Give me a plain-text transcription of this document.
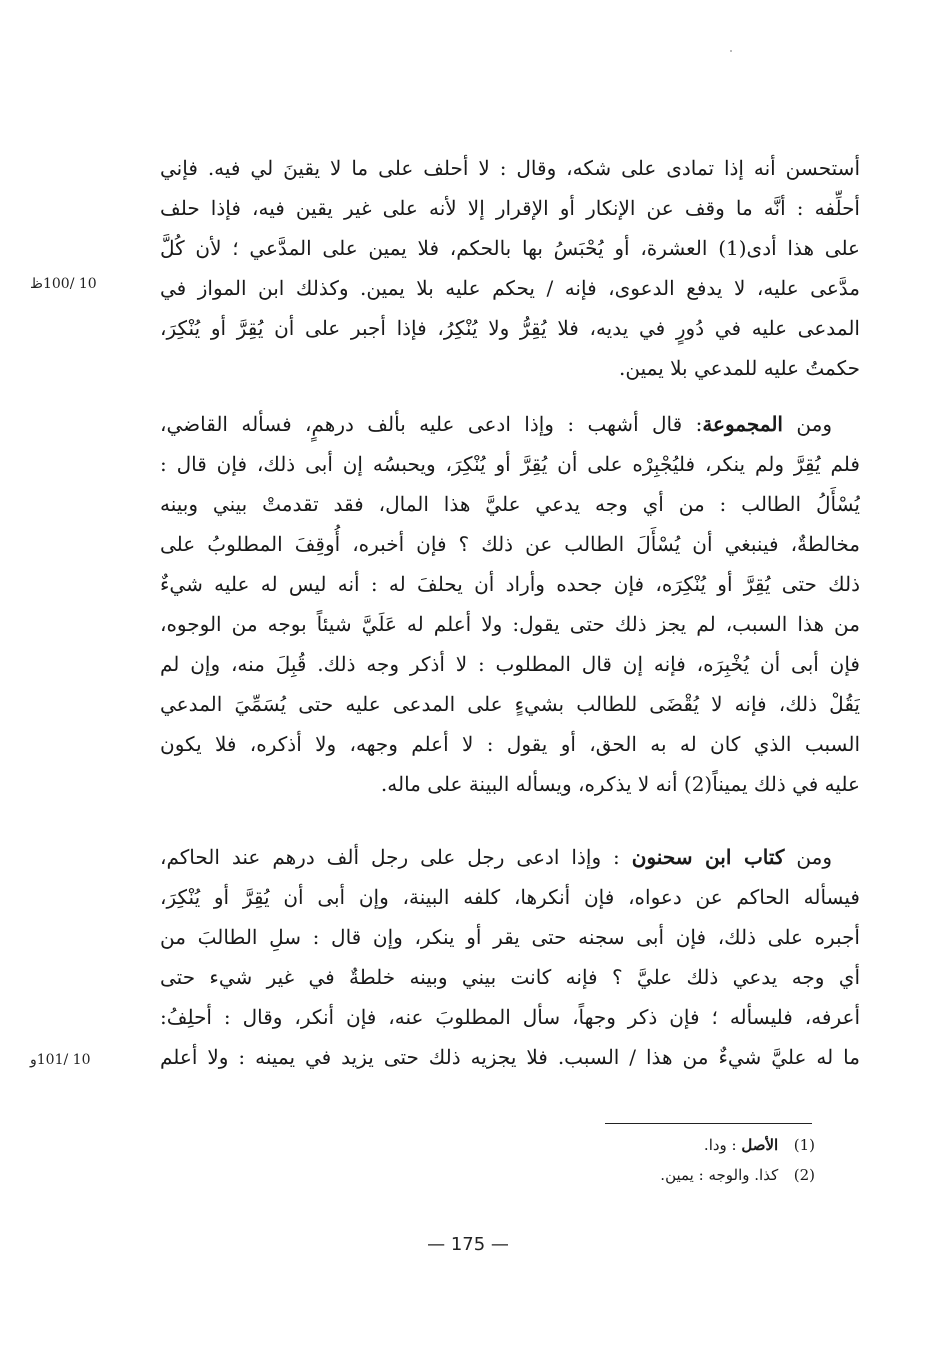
أستحسن أنه إذا تمادى على شكه، وقال : لا أحلف على ما لا يقينَ لي فيه. فإني
أحلِّفه : أنَّه ما وقف عن الإنكار أو الإقرار إلا لأنه على غير يقين فيه، فإذا حلف
على هذا أدى(1) العشرة، أو يُحْبَسُ بها بالحكم، فلا يمين على المدَّعي ؛ لأن كُلَّ
مدَّعى عليه، لا يدفع الدعوى، فإنه / يحكم عليه بلا يمين. وكذلك ابن المواز في
المدعى عليه في دُورٍ في يديه، فلا يُقِرُّ ولا يُنْكِرُ، فإذا أجبر على أن يُقِرَّ أو يُنْكِرَ،
حكمتُ عليه للمدعي بلا يمين.
ومن المجموعة: قال أشهب : وإذا ادعى عليه بألف درهمٍ، فسأله القاضي،
فلم يُقِرَّ ولم ينكر، فليُجْبِرْه على أن يُقِرَّ أو يُنْكِرَ، ويحبسُه إن أبى ذلك، فإن قال :
يُسْأَلُ الطالب : من أي وجه يدعي عليَّ هذا المال، فقد تقدمتْ بيني وبينه
مخالطةٌ، فينبغي أن يُسْأَلَ الطالب عن ذلك ؟ فإن أخبره، أُوقِفَ المطلوبُ على
ذلك حتى يُقِرَّ أو يُنْكِرَه، فإن جحده وأراد أن يحلفَ له : أنه ليس له عليه شيءٌ
من هذا السبب، لم يجز ذلك حتى يقول: ولا أعلم له عَلَيَّ شيئاً بوجه من الوجوه،
فإن أبى أن يُخْبِرَه، فإنه إن قال المطلوب : لا أذكر وجه ذلك. قُبِلَ منه، وإن لم
يَقُلْ ذلك، فإنه لا يُقْضَى للطالب بشيءٍ على المدعى عليه حتى يُسَمِّيَ المدعي
السبب الذي كان له به الحق، أو يقول : لا أعلم وجهه، ولا أذكره، فلا يكون
عليه في ذلك يميناً(2) أنه لا يذكره، ويسأله البينة على ماله.
ومن كتاب ابن سحنون : وإذا ادعى رجل على رجل ألف درهم عند الحاكم،
فيسأله الحاكم عن دعواه، فإن أنكرها، كلفه البينة، وإن أبى أن يُقِرَّ أو يُنْكِرَ،
أجبره على ذلك، فإن أبى سجنه حتى يقر أو ينكر، وإن قال : سلِ الطالبَ من
أي وجه يدعي ذلك عليَّ ؟ فإنه كانت بيني وبينه خلطةٌ في غير شيء حتى
أعرفه، فليسأله ؛ فإن ذكر وجهاً، سأل المطلوبَ عنه، فإن أنكر، وقال : أحلِفُ:
ما له عليَّ شيءٌ من هذا / السبب. فلا يجزيه ذلك حتى يزيد في يمينه : ولا أعلم
10 /100ظ
10 /101و
(1) الأصل : ودا.
(2) كذا. والوجه : يمين.
— 175 —
